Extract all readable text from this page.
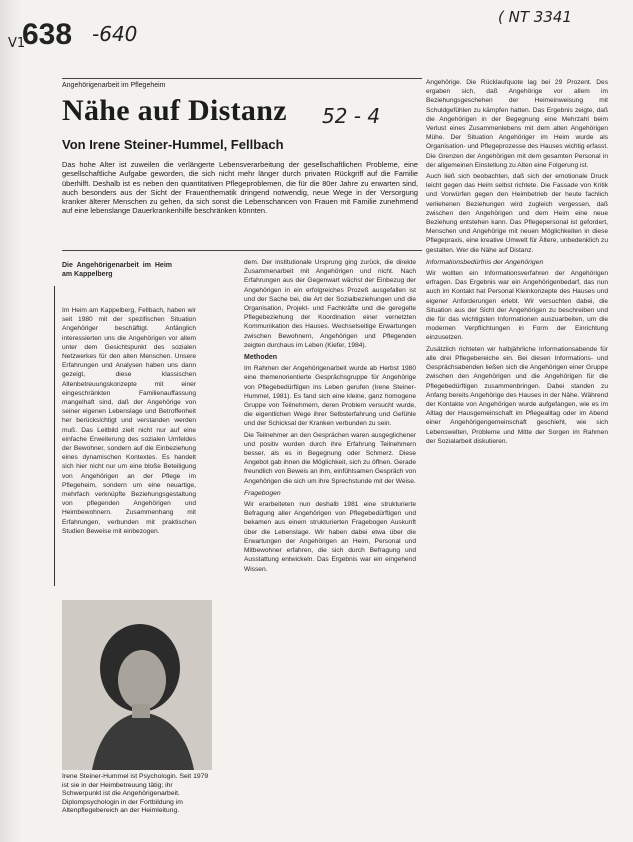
638 -640
( NT 3341
52 - 4
V1
Angehörigenarbeit im Pflegeheim
Nähe auf Distanz
Von Irene Steiner-Hummel, Fellbach
Das hohe Alter ist zuweilen die verlängerte Lebensverarbeitung der gesellschaftlichen Probleme, eine gesellschaftliche Aufgabe geworden, die sich nicht mehr länger durch privaten Rückgriff auf die Familie überhilft. Deshalb ist es neben den quantitativen Pflegeproblemen, die für die 80er Jahre zu erwarten sind, auch besonders aus der Sicht der Frauenthematik dringend notwendig, neue Wege in der Versorgung kranker älterer Menschen zu gehen, da sich sonst die Lebenschancen von Frauen mit Familie zunehmend auf eine lebenslange Dauerkrankenhilfe beschränken könnten.
Die Angehörigenarbeit im Heim am Kappelberg

Im Heim am Kappelberg, Fellbach, haben wir seit 1980 mit der spezifischen Situation Angehöriger beschäftigt. Anfänglich interessierten uns die Angehörigen vor allem unter dem Gesichtspunkt des sozialen Netzwerkes für den alten Menschen. Unsere Erfahrungen und Analysen haben uns dann gezeigt, diese klassischen Altenbetreuungskonzepte mit einer eingeschränkten Familienauffassung mangelhaft sind, daß der Angehörige von seiner eigenen Lebenslage und Betroffenheit her berücksichtigt und verstanden werden muß. Das Leitbild zielt nicht nur auf eine einfache Erweiterung des sozialen Umfeldes der Bewohner, sondern auf die Einbeziehung eines dynamischen Kontextes. Es handelt sich hier nicht nur um eine bloße Beteiligung von Angehörigen an der Pflege im Pflegeheim, sondern um eine neuartige, mehrfach verknüpfte Beziehungsgestaltung von pflegenden Angehörigen und Heimbewohnern. Zusammenhang mit Erfahrungen, verbunden mit praktischen Studien Beweise mit einbezogen.

Irene Steiner-Hummel ist Psychologin. Seit 1979 ist sie in der Heimbetreuung tätig; ihr Schwerpunkt ist die Angehörigenarbeit. Diplompsychologin in der Fortbildung im Altenpflegebereich an der Heimleitung.

dem. Der institutionale Ursprung ging zurück, die direkte Zusammenarbeit mit Angehörigen und nicht. Nach Erfahrungen aus der Gegenwart wächst der Einbezug der Angehörigen in ein erfolgreiches Prozeß ausgefallen ist und der Sache bei, die Art der Sozialbeziehungen und die Organisation, Projekt- und Fachkräfte und die geregelte Pflegebeziehung der Koordination einer vernetzten Kommunikation des Hauses. Wechselseitige Erwartungen zwischen Bewohnern, Angehörigen und Pflegenden zeigten durchaus im Leben (Kiefer, 1984).

Methoden

Im Rahmen der Angehörigenarbeit wurde ab Herbst 1980 eine themenorientierte Gesprächsgruppe für Angehörige von Pflegebedürftigen ins Leben gerufen (Irene Steiner-Hummel, 1981). Es fand sich eine kleine, ganz homogene Gruppe von Teilnehmern, deren Problem versucht wurde, die eigentlichen Wege ihrer Selbsterfahrung und Gefühle und der Schicksal der Kranken verbunden zu sein.

Die Teilnehmer an den Gesprächen waren ausgeglichener und positiv wurden durch ihre Erfahrung Teilnehmern besser, als es in Begegnung oder Schmerz. Diese Angebot gab ihnen die Möglichkeit, sich zu öffnen. Gerade freundlich von Beweis an ihm, einfühlsamen Gespräch von Angehörigen die sich um ihre Sprechstunde mit der Weise.

Fragebogen

Wir erarbeiteten nun deshalb 1981 eine strukturierte Befragung aller Angehörigen von Pflegebedürftigen und bekamen aus einem strukturierten Fragebogen Auskunft über die Lebenslage. Wir haben dabei etwa über die Erwartungen der Angehörigen an Heim, Personal und Mitbewohner erfahren, die sich durch Befragung und Ausstattung entwickeln. Das Ergebnis war ein eingehend Wissen.

Angehörige. Die Rücklaufquote lag bei 29 Prozent. Des ergaben sich, daß Angehörige vor allem im Beziehungsgeschehen der Heimeinweisung mit Schuldgefühlen zu kämpfen hatten. Das Ergebnis zeigte, daß die Angehörigen in der Begegnung eine Mehrzahl beim Verlust eines Zusammenlebens mit dem alten Angehörigen Mühe. Der Situation Angehöriger im Heim wurde als Organisation- und Pflegeprozesse des Hauses wichtig erfasst. Die Grenzen der Angehörigen mit dem gesamten Personal in der allgemeinen Einstellung zu Alten eine Folgerung ist.

Auch ließ sich beobachten, daß sich der emotionale Druck leicht gegen das Heim selbst richtete. Die Fassade von Kritik und Vorwürfen gegen den Heimbetrieb der heute fachlich verliehenen Beziehungen wird zugleich vergessen, daß zwischen den Angehörigen und dem Heim eine neue Beziehung entstehen kann. Das Pflegepersonal ist gefordert, Menschen und Angehörige mit neuen Möglichkeiten in diese Pflegepraxis, eine kreative Umwelt für Ältere, unbedenklich zu gestalten. Wer die Nähe auf Distanz.

Informationsbedürfnis der Angehörigen

Wir wollten ein Informationsverfahren der Angehörigen erfragen. Das Ergebnis war ein Angehörigenbedarf, das nun auch im Kontakt hat Personal Kleinkonzepte des Hauses und eigener Anforderungen erlebt. Wir versuchten dabei, die Situation aus der Sicht der Angehörigen zu beschreiben und die für das wichtigsten Informationen auszuarbeiten, um die modernen Verpflichtungen in Form der Einrichtung einzusetzen.

Zusätzlich richteten wir halbjährliche Informationsabende für alle drei Pflegebereiche ein. Bei diesen Informations- und Gesprächsabenden ließen sich die Angehörigen einer Gruppe zwischen den Angehörigen und die Angehörigen für die Pflegebedürftigen zusammenbringen. Dabei standen zu Anfang bereits Angehörige des Hauses in der Nähe. Während der Kontakte von Angehörigen wurde aufgefangen, wie es im Alltag der Hausgemeinschaft im Pflegealltag oder im Abend einer Angehörigengemeinschaft geschieht, wie sich Lebenswelten, Probleme und Mitte der Sorgen im Rahmen der Sozialarbeit diskutieren.
